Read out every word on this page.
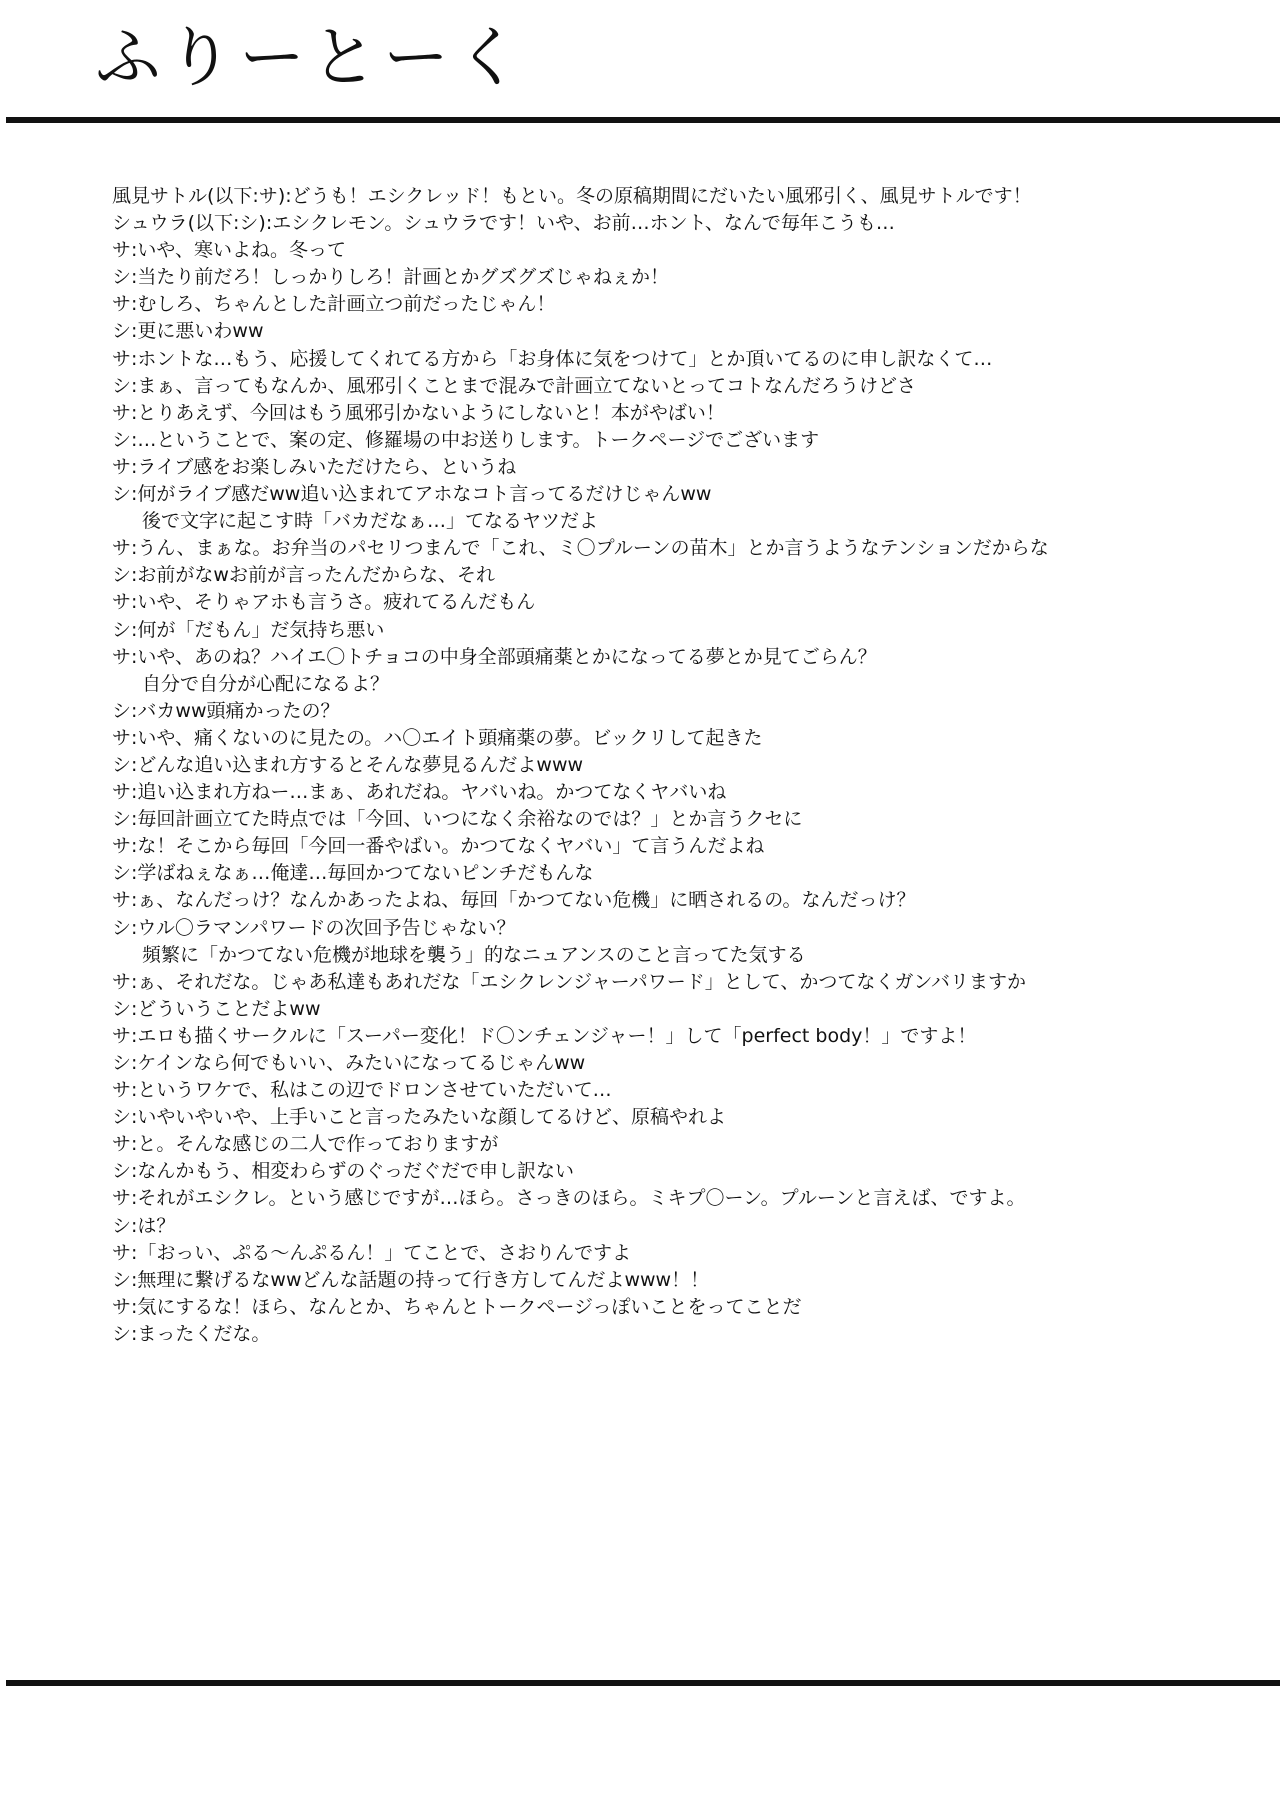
ふりーとーく
風見サトル(以下:サ):どうも！エシクレッド！もとい。冬の原稿期間にだいたい風邪引く、風見サトルです！
シュウラ(以下:シ):エシクレモン。シュウラです！いや、お前…ホント、なんで毎年こうも…
サ:いや、寒いよね。冬って
シ:当たり前だろ！しっかりしろ！計画とかグズグズじゃねぇか！
サ:むしろ、ちゃんとした計画立つ前だったじゃん！
シ:更に悪いわww
サ:ホントな…もう、応援してくれてる方から「お身体に気をつけて」とか頂いてるのに申し訳なくて…
シ:まぁ、言ってもなんか、風邪引くことまで混みで計画立てないとってコトなんだろうけどさ
サ:とりあえず、今回はもう風邪引かないようにしないと！本がやばい！
シ:…ということで、案の定、修羅場の中お送りします。トークページでございます
サ:ライブ感をお楽しみいただけたら、というね
シ:何がライブ感だww追い込まれてアホなコト言ってるだけじゃんww
後で文字に起こす時「バカだなぁ…」てなるヤツだよ
サ:うん、まぁな。お弁当のパセリつまんで「これ、ミ〇プルーンの苗木」とか言うようなテンションだからな
シ:お前がなwお前が言ったんだからな、それ
サ:いや、そりゃアホも言うさ。疲れてるんだもん
シ:何が「だもん」だ気持ち悪い
サ:いや、あのね？ハイエ〇トチョコの中身全部頭痛薬とかになってる夢とか見てごらん？
自分で自分が心配になるよ？
シ:バカww頭痛かったの？
サ:いや、痛くないのに見たの。ハ〇エイト頭痛薬の夢。ビックリして起きた
シ:どんな追い込まれ方するとそんな夢見るんだよwww
サ:追い込まれ方ねー…まぁ、あれだね。ヤバいね。かつてなくヤバいね
シ:毎回計画立てた時点では「今回、いつになく余裕なのでは？」とか言うクセに
サ:な！そこから毎回「今回一番やばい。かつてなくヤバい」て言うんだよね
シ:学ばねぇなぁ…俺達…毎回かつてないピンチだもんな
サ:ぁ、なんだっけ？なんかあったよね、毎回「かつてない危機」に晒されるの。なんだっけ？
シ:ウル〇ラマンパワードの次回予告じゃない？
頻繁に「かつてない危機が地球を襲う」的なニュアンスのこと言ってた気する
サ:ぁ、それだな。じゃあ私達もあれだな「エシクレンジャーパワード」として、かつてなくガンバリますか
シ:どういうことだよww
サ:エロも描くサークルに「スーパー変化！ド〇ンチェンジャー！」して「perfect body！」ですよ！
シ:ケインなら何でもいい、みたいになってるじゃんww
サ:というワケで、私はこの辺でドロンさせていただいて…
シ:いやいやいや、上手いこと言ったみたいな顔してるけど、原稿やれよ
サ:と。そんな感じの二人で作っておりますが
シ:なんかもう、相変わらずのぐっだぐだで申し訳ない
サ:それがエシクレ。という感じですが…ほら。さっきのほら。ミキプ〇ーン。プルーンと言えば、ですよ。
シ:は？
サ:「おっい、ぷる〜んぷるん！」てことで、さおりんですよ
シ:無理に繋げるなwwどんな話題の持って行き方してんだよwww！！
サ:気にするな！ほら、なんとか、ちゃんとトークページっぽいことをってことだ
シ:まったくだな。
